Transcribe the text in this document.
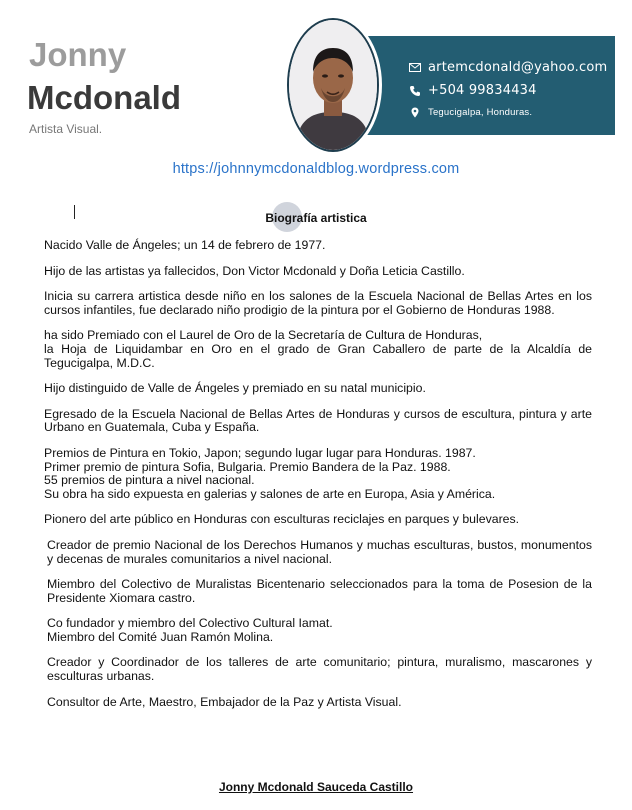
Jonny
Mcdonald
Artista Visual.
artemcdonald@yahoo.com
+504 99834434
Tegucigalpa, Honduras.
https://johnnymcdonaldblog.wordpress.com
Biografía artistica
Nacido Valle de Ángeles; un 14 de febrero de 1977.
Hijo de las artistas ya fallecidos, Don Victor Mcdonald y Doña Leticia Castillo.
Inicia su carrera artistica desde niño en los salones de la Escuela Nacional de Bellas Artes en los cursos infantiles, fue declarado niño prodigio de la pintura por el Gobierno de Honduras 1988.
ha sido Premiado con el Laurel de Oro de la Secretaría de Cultura de Honduras,
la Hoja de Liquidambar en Oro en el grado de Gran Caballero de parte de la Alcaldía de Tegucigalpa, M.D.C.
Hijo distinguido de Valle de Ángeles y premiado en su natal municipio.
Egresado de la Escuela Nacional de Bellas Artes de Honduras y cursos de escultura, pintura y arte Urbano en Guatemala, Cuba y España.
Premios de Pintura en Tokio, Japon; segundo lugar lugar para Honduras. 1987.
Primer premio de pintura Sofia, Bulgaria. Premio Bandera de la Paz. 1988.
55 premios de pintura a nivel nacional.
Su obra ha sido expuesta en galerias y salones de arte en Europa, Asia y América.
Pionero del arte público en Honduras con esculturas reciclajes en parques y bulevares.
Creador de premio Nacional de los Derechos Humanos y muchas esculturas, bustos, monumentos y decenas de murales comunitarios a nivel nacional.
Miembro del Colectivo de Muralistas Bicentenario seleccionados para la toma de Posesion de la Presidente Xiomara castro.
Co fundador y miembro del Colectivo Cultural Iamat.
Miembro del Comité Juan Ramón Molina.
Creador y Coordinador de los talleres de arte comunitario; pintura, muralismo, mascarones y esculturas urbanas.
Consultor de Arte, Maestro, Embajador de la Paz y Artista Visual.
Jonny Mcdonald Sauceda Castillo
